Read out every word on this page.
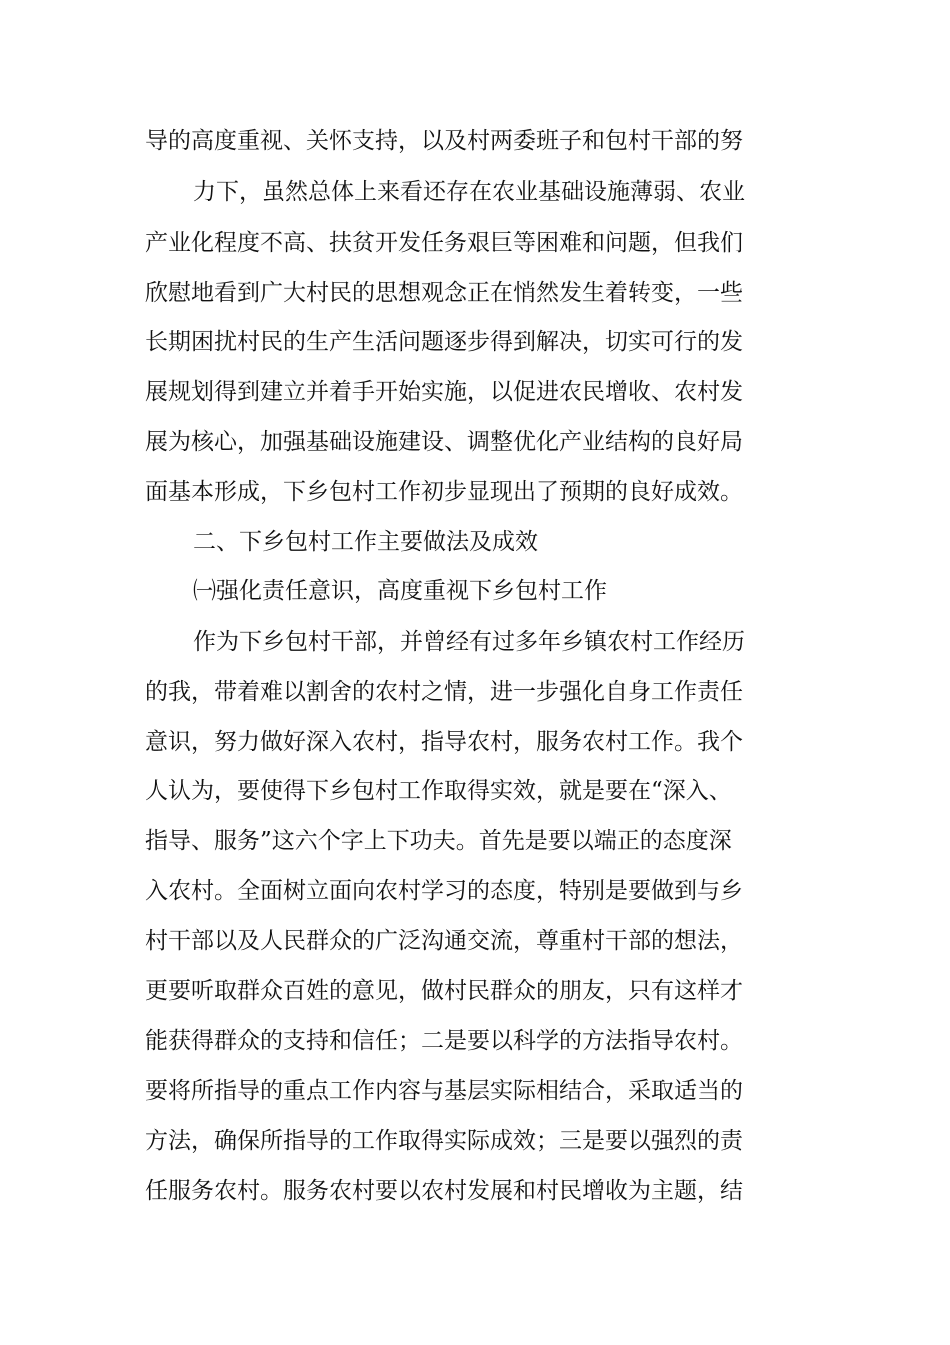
导的高度重视、关怀支持，以及村两委班子和包村干部的努
力下，虽然总体上来看还存在农业基础设施薄弱、农业
产业化程度不高、扶贫开发任务艰巨等困难和问题，但我们
欣慰地看到广大村民的思想观念正在悄然发生着转变，一些
长期困扰村民的生产生活问题逐步得到解决，切实可行的发
展规划得到建立并着手开始实施，以促进农民增收、农村发
展为核心，加强基础设施建设、调整优化产业结构的良好局
面基本形成，下乡包村工作初步显现出了预期的良好成效。
二、下乡包村工作主要做法及成效
㈠强化责任意识，高度重视下乡包村工作
作为下乡包村干部，并曾经有过多年乡镇农村工作经历
的我，带着难以割舍的农村之情，进一步强化自身工作责任
意识，努力做好深入农村，指导农村，服务农村工作。我个
人认为，要使得下乡包村工作取得实效，就是要在“深入、
指导、服务”这六个字上下功夫。首先是要以端正的态度深
入农村。全面树立面向农村学习的态度，特别是要做到与乡
村干部以及人民群众的广泛沟通交流，尊重村干部的想法，
更要听取群众百姓的意见，做村民群众的朋友，只有这样才
能获得群众的支持和信任；二是要以科学的方法指导农村。
要将所指导的重点工作内容与基层实际相结合，采取适当的
方法，确保所指导的工作取得实际成效；三是要以强烈的责
任服务农村。服务农村要以农村发展和村民增收为主题，结
